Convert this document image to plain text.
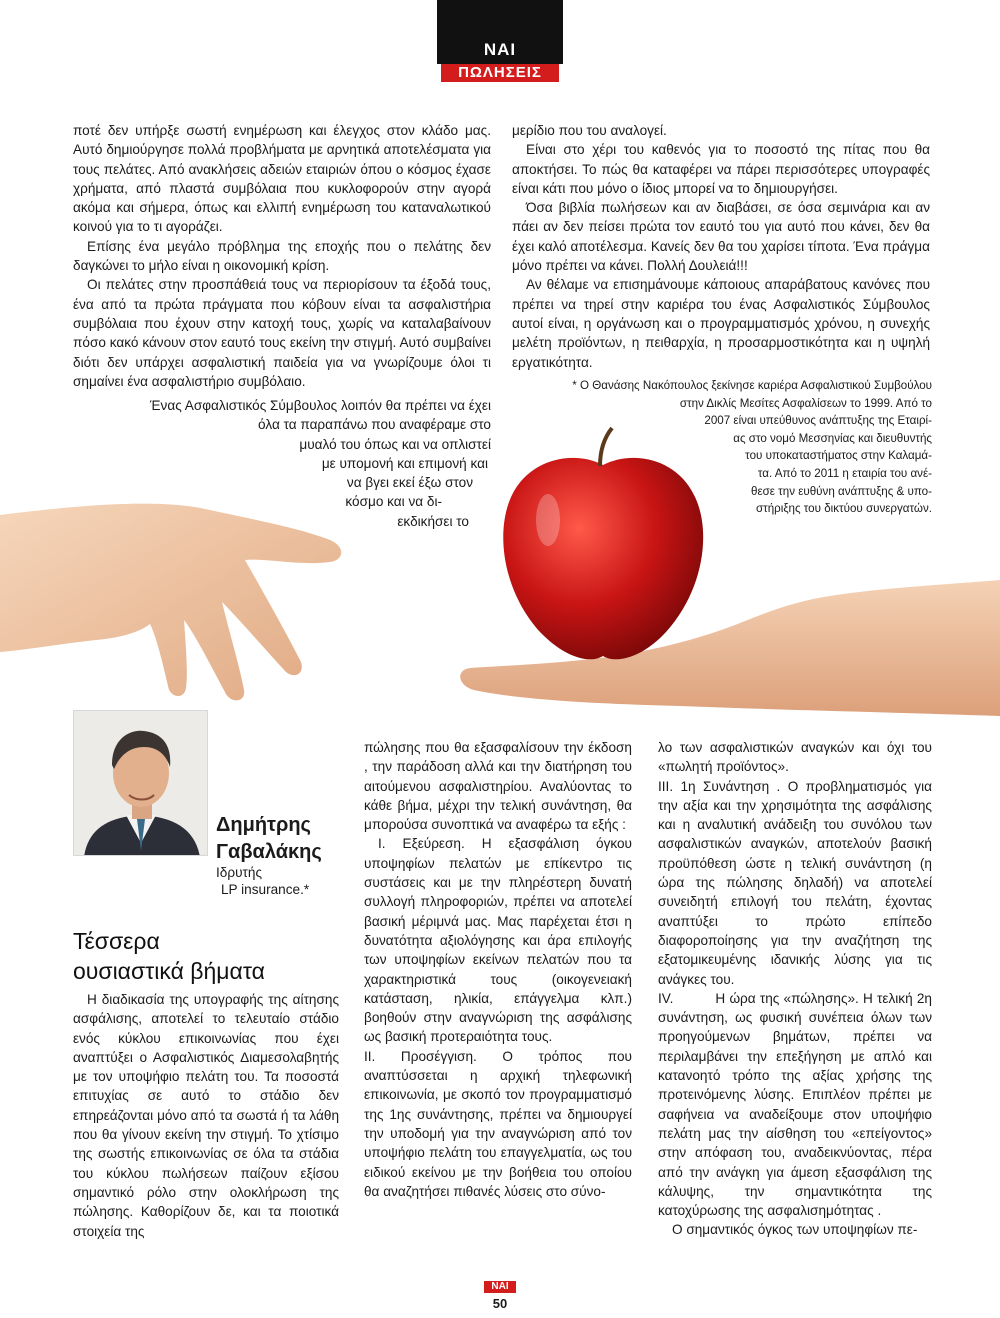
NAI
ΠΩΛΗΣΕΙΣ

ποτέ δεν υπήρξε σωστή ενημέρωση και έλεγχος στον κλάδο μας. Αυτό δημιούργησε πολλά προβλήματα με αρνητικά αποτελέσματα για τους πελάτες. Από ανακλήσεις αδειών εταιριών όπου ο κόσμος έχασε χρήματα, από πλαστά συμβόλαια που κυκλοφορούν στην αγορά ακόμα και σήμερα, όπως και ελλιπή ενημέρωση του καταναλωτικού κοινού για το τι αγοράζει.

Επίσης ένα μεγάλο πρόβλημα της εποχής που ο πελάτης δεν δαγκώνει το μήλο είναι η οικονομική κρίση.

Οι πελάτες στην προσπάθειά τους να περιορίσουν τα έξοδά τους, ένα από τα πρώτα πράγματα που κόβουν είναι τα ασφαλιστήρια συμβόλαια που έχουν στην κατοχή τους, χωρίς να καταλαβαίνουν πόσο κακό κάνουν στον εαυτό τους εκείνη την στιγμή. Αυτό συμβαίνει διότι δεν υπάρχει ασφαλιστική παιδεία για να γνωρίζουμε όλοι τι σημαίνει ένα ασφαλιστήριο συμβόλαιο.

Ένας Ασφαλιστικός Σύμβουλος λοιπόν θα πρέπει να έχει
όλα τα παραπάνω που αναφέραμε στο
μυαλό του όπως και να οπλιστεί
με υπομονή και επιμονή και
να βγει εκεί έξω στον
κόσμο και να δι-
εκδικήσει το

μερίδιο που του αναλογεί.

Είναι στο χέρι του καθενός για το ποσοστό της πίτας που θα αποκτήσει. Το πώς θα καταφέρει να πάρει περισσότερες υπογραφές είναι κάτι που μόνο ο ίδιος μπορεί να το δημιουργήσει.

Όσα βιβλία πωλήσεων και αν διαβάσει, σε όσα σεμινάρια και αν πάει αν δεν πείσει πρώτα τον εαυτό του για αυτό που κάνει, δεν θα έχει καλό αποτέλεσμα. Κανείς δεν θα του χαρίσει τίποτα. Ένα πράγμα μόνο πρέπει να κάνει. Πολλή Δουλειά!!!

Αν θέλαμε να επισημάνουμε κάποιους απαράβατους κανόνες που πρέπει να τηρεί στην καριέρα του ένας Ασφαλιστικός Σύμβουλος αυτοί είναι, η οργάνωση και ο προγραμματισμός χρόνου, η συνεχής μελέτη προϊόντων, η πειθαρχία, η προσαρμοστικότητα και η υψηλή εργατικότητα.

* Ο Θανάσης Νακόπουλος ξεκίνησε καριέρα Ασφαλιστικού Συμβούλου
στην Δικλίς Μεσίτες Ασφαλίσεων το 1999. Από το
2007 είναι υπεύθυνος ανάπτυξης της Εταιρί-
ας στο νομό Μεσσηνίας και διευθυντής
του υποκαταστήματος στην Καλαμά-
τα. Από το 2011 η εταιρία του ανέ-
θεσε την ευθύνη ανάπτυξης & υπο-
στήριξης του δικτύου συνεργατών.
Δημήτρης
Γαβαλάκης
Ιδρυτής
LP insurance.*
Τέσσερα
ουσιαστικά βήματα

Η διαδικασία της υπογραφής της αίτησης ασφάλισης, αποτελεί το τελευταίο στάδιο ενός κύκλου επικοινωνίας που έχει αναπτύξει ο Ασφαλιστικός Διαμεσολαβητής με τον υποψήφιο πελάτη του. Τα ποσοστά επιτυχίας σε αυτό το στάδιο δεν επηρεάζονται μόνο από τα σωστά ή τα λάθη που θα γίνουν εκείνη την στιγμή. Το χτίσιμο της σωστής επικοινωνίας σε όλα τα στάδια του κύκλου πωλήσεων παίζουν εξίσου σημαντικό ρόλο στην ολοκλήρωση της πώλησης. Καθορίζουν δε, και τα ποιοτικά στοιχεία της

πώλησης που θα εξασφαλίσουν την έκδοση , την παράδοση αλλά και την διατήρηση του αιτούμενου ασφαλιστηρίου. Αναλύοντας το κάθε βήμα, μέχρι την τελική συνάντηση, θα μπορούσα συνοπτικά να αναφέρω τα εξής :

Ι. Εξεύρεση. Η εξασφάλιση όγκου υποψηφίων πελατών με επίκεντρο τις συστάσεις και με την πληρέστερη δυνατή συλλογή πληροφοριών, πρέπει να αποτελεί βασική μέριμνά μας. Μας παρέχεται έτσι η δυνατότητα αξιολόγησης και άρα επιλογής των υποψηφίων εκείνων πελατών που τα χαρακτηριστικά τους (οικογενειακή κατάσταση, ηλικία, επάγγελμα κλπ.) βοηθούν στην αναγνώριση της ασφάλισης ως βασική προτεραιότητα τους.

ΙΙ. Προσέγγιση. Ο τρόπος που αναπτύσσεται η αρχική τηλεφωνική επικοινωνία, με σκοπό τον προγραμματισμό της 1ης συνάντησης, πρέπει να δημιουργεί την υποδομή για την αναγνώριση από τον υποψήφιο πελάτη του επαγγελματία, ως του ειδικού εκείνου με την βοήθεια του οποίου θα αναζητήσει πιθανές λύσεις στο σύνο-

λο των ασφαλιστικών αναγκών και όχι του «πωλητή προϊόντος».

ΙΙΙ. 1η Συνάντηση . Ο προβληματισμός για την αξία και την χρησιμότητα της ασφάλισης και η αναλυτική ανάδειξη του συνόλου των ασφαλιστικών αναγκών, αποτελούν βασική προϋπόθεση ώστε η τελική συνάντηση (η ώρα της πώλησης δηλαδή) να αποτελεί συνειδητή επιλογή του πελάτη, έχοντας αναπτύξει το πρώτο επίπεδο διαφοροποίησης για την αναζήτηση της εξατομικευμένης ιδανικής λύσης για τις ανάγκες του.

IV.          Η ώρα της «πώλησης». Η τελική 2η συνάντηση, ως φυσική συνέπεια όλων των προηγούμενων βημάτων, πρέπει να περιλαμβάνει την επεξήγηση με απλό και κατανοητό τρόπο της αξίας χρήσης της προτεινόμενης λύσης. Επιπλέον πρέπει με σαφήνεια να αναδείξουμε στον υποψήφιο πελάτη μας την αίσθηση του «επείγοντος» στην απόφαση του, αναδεικνύοντας, πέρα από την ανάγκη για άμεση εξασφάλιση της κάλυψης, την σημαντικότητα της κατοχύρωσης της ασφαλισημότητας .

Ο σημαντικός όγκος των υποψηφίων πε-

NAI
50
